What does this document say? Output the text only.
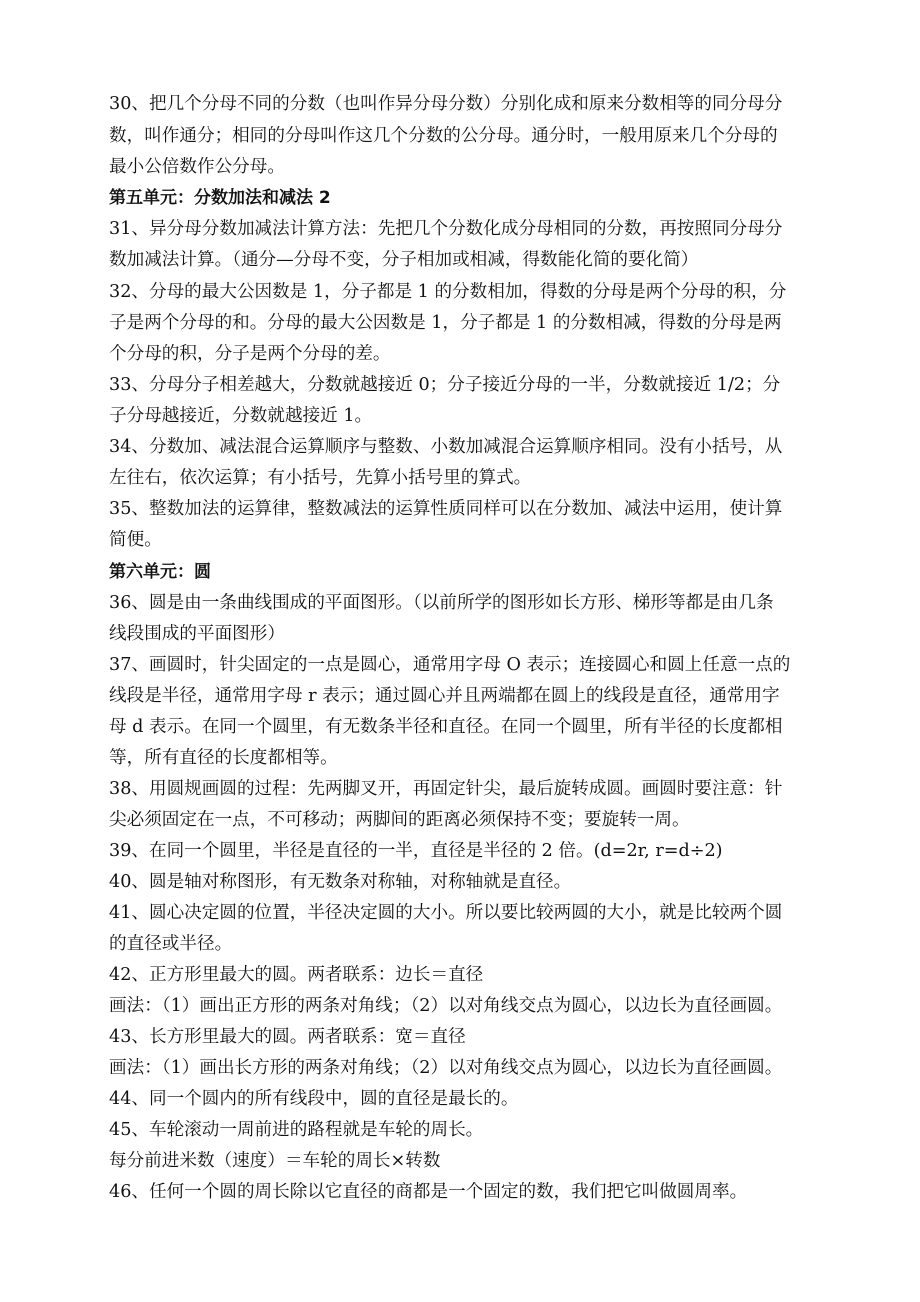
30、把几个分母不同的分数（也叫作异分母分数）分别化成和原来分数相等的同分母分
数，叫作通分；相同的分母叫作这几个分数的公分母。通分时，一般用原来几个分母的
最小公倍数作公分母。
第五单元：分数加法和减法 2
31、异分母分数加减法计算方法：先把几个分数化成分母相同的分数，再按照同分母分
数加减法计算。（通分—分母不变，分子相加或相减，得数能化简的要化简）
32、分母的最大公因数是 1，分子都是 1 的分数相加，得数的分母是两个分母的积，分
子是两个分母的和。分母的最大公因数是 1，分子都是 1 的分数相减，得数的分母是两
个分母的积，分子是两个分母的差。
33、分母分子相差越大，分数就越接近 0；分子接近分母的一半，分数就接近 1/2；分
子分母越接近，分数就越接近 1。
34、分数加、减法混合运算顺序与整数、小数加减混合运算顺序相同。没有小括号，从
左往右，依次运算；有小括号，先算小括号里的算式。
35、整数加法的运算律，整数减法的运算性质同样可以在分数加、减法中运用，使计算
简便。
第六单元：圆
36、圆是由一条曲线围成的平面图形。（以前所学的图形如长方形、梯形等都是由几条
线段围成的平面图形）
37、画圆时，针尖固定的一点是圆心，通常用字母 O 表示；连接圆心和圆上任意一点的
线段是半径，通常用字母 r 表示；通过圆心并且两端都在圆上的线段是直径，通常用字
母 d 表示。在同一个圆里，有无数条半径和直径。在同一个圆里，所有半径的长度都相
等，所有直径的长度都相等。
38、用圆规画圆的过程：先两脚叉开，再固定针尖，最后旋转成圆。画圆时要注意：针
尖必须固定在一点，不可移动；两脚间的距离必须保持不变；要旋转一周。
39、在同一个圆里，半径是直径的一半，直径是半径的 2 倍。(d=2r, r=d÷2)
40、圆是轴对称图形，有无数条对称轴，对称轴就是直径。
41、圆心决定圆的位置，半径决定圆的大小。所以要比较两圆的大小，就是比较两个圆
的直径或半径。
42、正方形里最大的圆。两者联系：边长＝直径
画法：（1）画出正方形的两条对角线；（2）以对角线交点为圆心，以边长为直径画圆。
43、长方形里最大的圆。两者联系：宽＝直径
画法：（1）画出长方形的两条对角线；（2）以对角线交点为圆心，以边长为直径画圆。
44、同一个圆内的所有线段中，圆的直径是最长的。
45、车轮滚动一周前进的路程就是车轮的周长。
每分前进米数（速度）＝车轮的周长×转数
46、任何一个圆的周长除以它直径的商都是一个固定的数，我们把它叫做圆周率。
